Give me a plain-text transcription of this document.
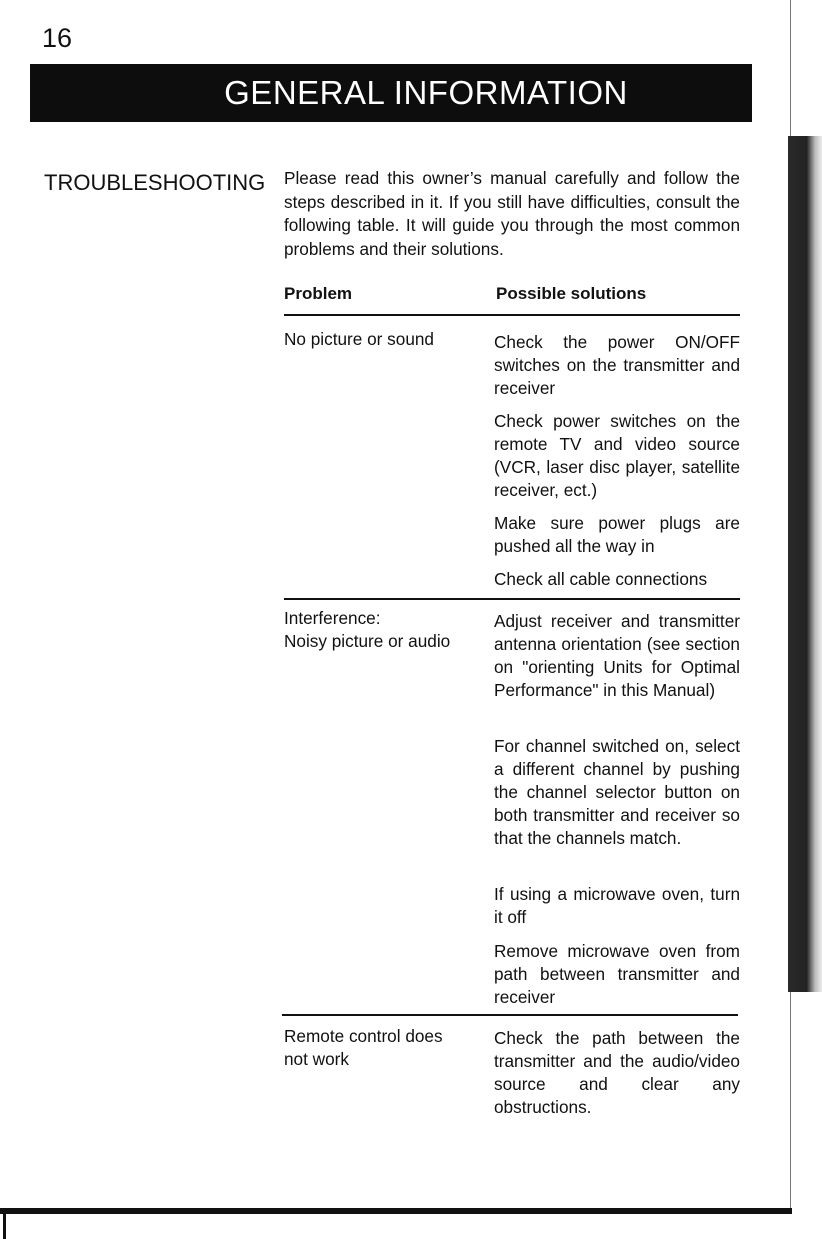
16
GENERAL INFORMATION
TROUBLESHOOTING Please read this owner’s manual carefully and follow the steps described in it. If you still have difficulties, consult the following table. It will guide you through the most common problems and their solutions.
Problem	Possible solutions
No picture or sound	Check the power ON/OFF switches on the transmitter and receiver
Check power switches on the remote TV and video source (VCR, laser disc player, satellite receiver, ect.)
Make sure power plugs are pushed all the way in
Check all cable connections
Interference:
Noisy picture or audio
Adjust receiver and transmitter antenna orientation (see section on "orienting Units for Optimal Performance" in this Manual)
For channel switched on, select a different channel by pushing the channel selector button on both transmitter and receiver so that the channels match.
If using a microwave oven, turn it off
Remove microwave oven from path between transmitter and receiver
Remote control does not work
Check the path between the transmitter and the audio/video source and clear any obstructions.
